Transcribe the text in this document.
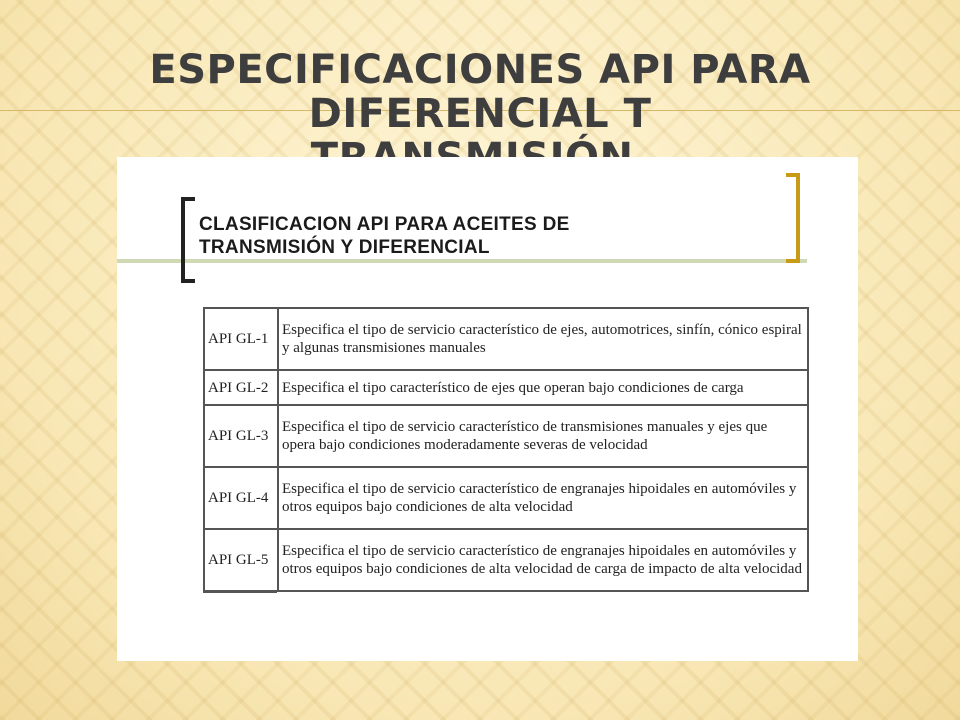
ESPECIFICACIONES API PARA DIFERENCIAL T
CLASIFICACION API PARA ACEITES DE
TRANSMISIÓN Y DIFERENCIAL
API GL-1	Especifica el tipo de servicio característico de ejes, automotrices, sinfín, cónico espiral y algunas transmisiones manuales
API GL-2	Especifica el tipo característico de ejes que operan bajo condiciones de carga
API GL-3	Especifica el tipo de servicio característico de transmisiones manuales y ejes que opera bajo condiciones moderadamente severas de velocidad
API GL-4	Especifica el tipo de servicio característico de engranajes hipoidales en automóviles y otros equipos bajo condiciones de alta velocidad
API GL-5	Especifica el tipo de servicio característico de engranajes hipoidales en automóviles y otros equipos bajo condiciones de alta velocidad de carga de impacto de alta velocidad
